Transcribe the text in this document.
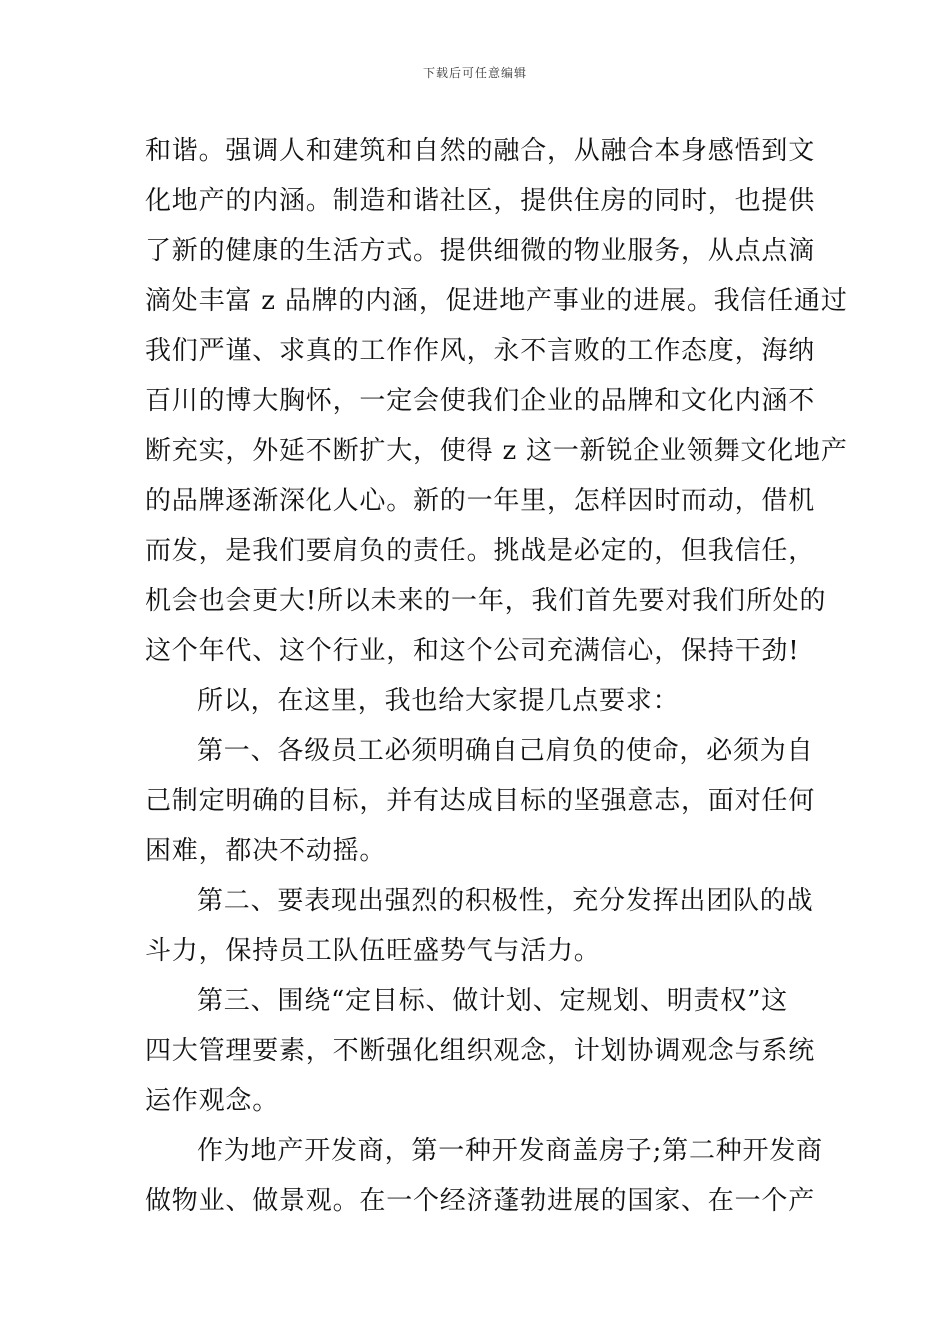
下载后可任意编辑
和谐。强调人和建筑和自然的融合，从融合本身感悟到文
化地产的内涵。制造和谐社区，提供住房的同时，也提供
了新的健康的生活方式。提供细微的物业服务，从点点滴
滴处丰富 z 品牌的内涵，促进地产事业的进展。我信任通过
我们严谨、求真的工作作风，永不言败的工作态度，海纳
百川的博大胸怀，一定会使我们企业的品牌和文化内涵不
断充实，外延不断扩大，使得 z 这一新锐企业领舞文化地产
的品牌逐渐深化人心。新的一年里，怎样因时而动，借机
而发，是我们要肩负的责任。挑战是必定的，但我信任，
机会也会更大!所以未来的一年，我们首先要对我们所处的
这个年代、这个行业，和这个公司充满信心，保持干劲!
所以，在这里，我也给大家提几点要求：
第一、各级员工必须明确自己肩负的使命，必须为自
己制定明确的目标，并有达成目标的坚强意志，面对任何
困难，都决不动摇。
第二、要表现出强烈的积极性，充分发挥出团队的战
斗力，保持员工队伍旺盛势气与活力。
第三、围绕“定目标、做计划、定规划、明责权”这
四大管理要素，不断强化组织观念，计划协调观念与系统
运作观念。
作为地产开发商，第一种开发商盖房子;第二种开发商
做物业、做景观。在一个经济蓬勃进展的国家、在一个产
